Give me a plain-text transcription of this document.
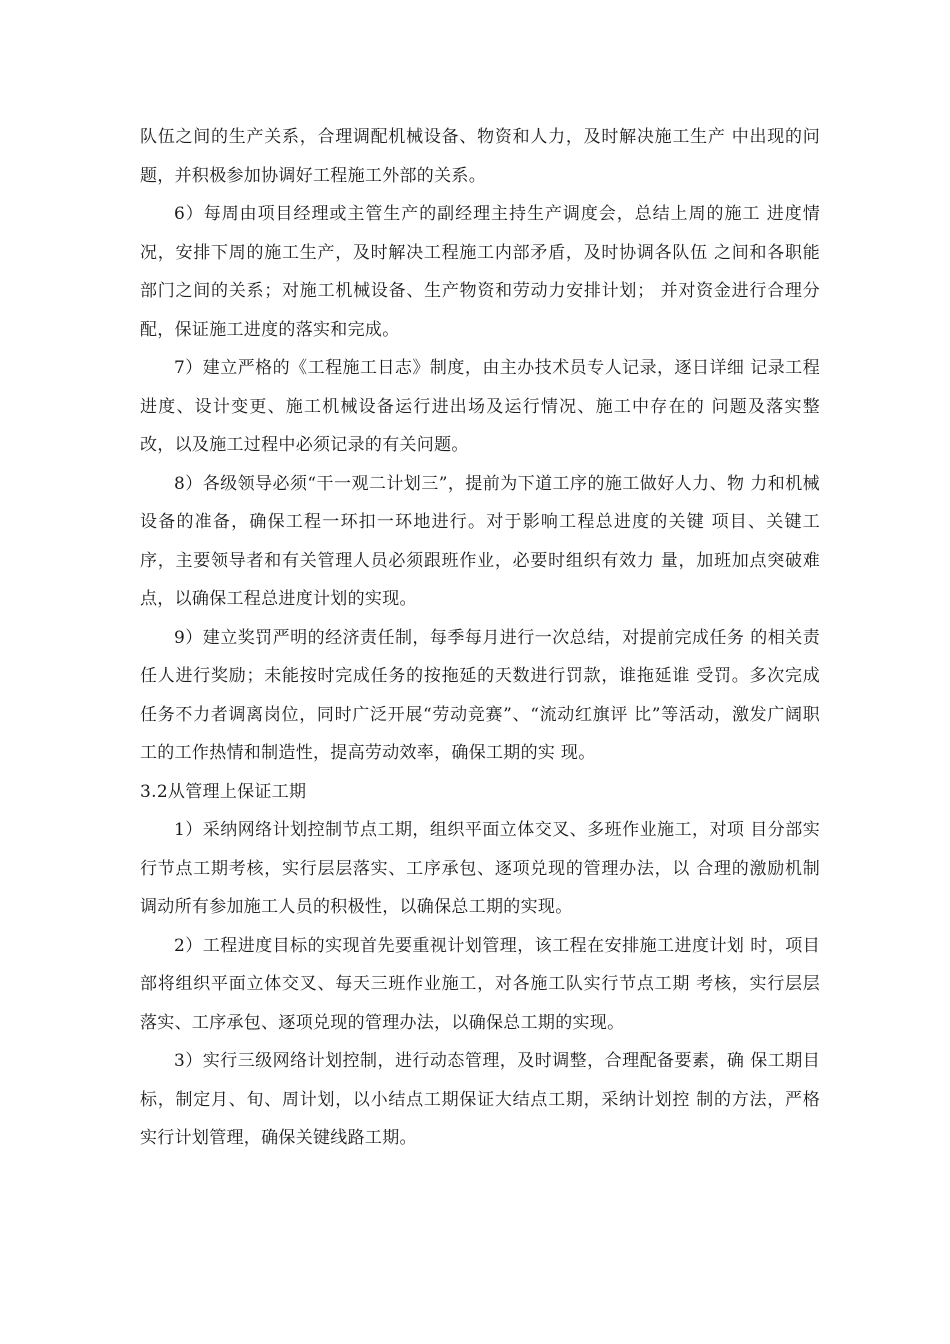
队伍之间的生产关系，合理调配机械设备、物资和人力，及时解决施工生产 中出现的问题，并积极参加协调好工程施工外部的关系。

6）每周由项目经理或主管生产的副经理主持生产调度会，总结上周的施工 进度情况，安排下周的施工生产，及时解决工程施工内部矛盾，及时协调各队伍 之间和各职能部门之间的关系；对施工机械设备、生产物资和劳动力安排计划； 并对资金进行合理分配，保证施工进度的落实和完成。

7）建立严格的《工程施工日志》制度，由主办技术员专人记录，逐日详细 记录工程进度、设计变更、施工机械设备运行进出场及运行情况、施工中存在的 问题及落实整改，以及施工过程中必须记录的有关问题。

8）各级领导必须“干一观二计划三”，提前为下道工序的施工做好人力、物 力和机械设备的准备，确保工程一环扣一环地进行。对于影响工程总进度的关键 项目、关键工序，主要领导者和有关管理人员必须跟班作业，必要时组织有效力 量，加班加点突破难点，以确保工程总进度计划的实现。

9）建立奖罚严明的经济责任制，每季每月进行一次总结，对提前完成任务 的相关责任人进行奖励；未能按时完成任务的按拖延的天数进行罚款，谁拖延谁 受罚。多次完成任务不力者调离岗位，同时广泛开展“劳动竞赛”、“流动红旗评 比”等活动，激发广阔职工的工作热情和制造性，提高劳动效率，确保工期的实 现。

3.2从管理上保证工期

1）采纳网络计划控制节点工期，组织平面立体交叉、多班作业施工，对项 目分部实行节点工期考核，实行层层落实、工序承包、逐项兑现的管理办法，以 合理的激励机制调动所有参加施工人员的积极性，以确保总工期的实现。

2）工程进度目标的实现首先要重视计划管理，该工程在安排施工进度计划 时，项目部将组织平面立体交叉、每天三班作业施工，对各施工队实行节点工期 考核，实行层层落实、工序承包、逐项兑现的管理办法，以确保总工期的实现。

3）实行三级网络计划控制，进行动态管理，及时调整，合理配备要素，确 保工期目标，制定月、旬、周计划，以小结点工期保证大结点工期，采纳计划控 制的方法，严格实行计划管理，确保关键线路工期。
